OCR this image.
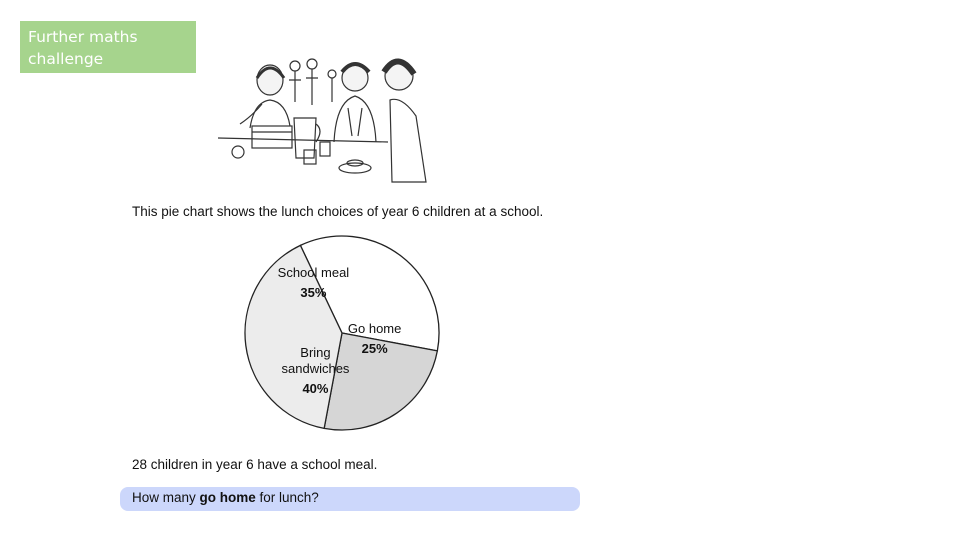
Further maths
challenge
This pie chart shows the lunch choices of year 6 children at a school.
School meal
35%
Go home
25%
Bring
sandwiches
40%
28 children in year 6 have a school meal.
How many go home for lunch?
